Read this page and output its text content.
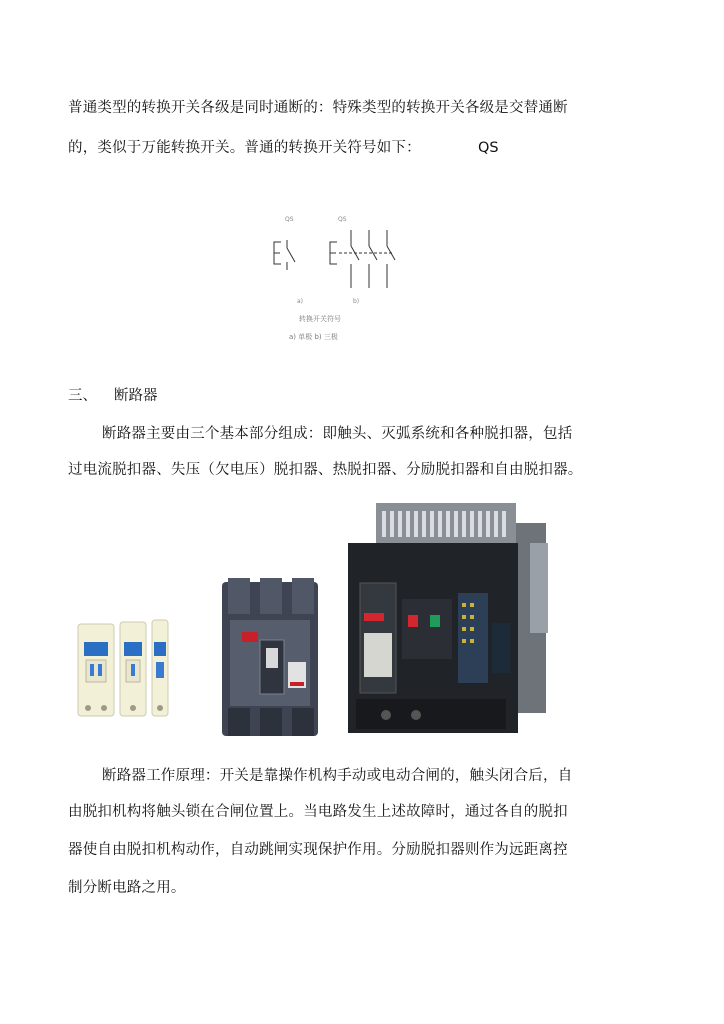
普通类型的转换开关各级是同时通断的：特殊类型的转换开关各级是交替通断
的，类似于万能转换开关。普通的转换开关符号如下：	QS
QS	QS
a)	b)
转换开关符号
a) 单极 b) 三极
三、 断路器
断路器主要由三个基本部分组成：即触头、灭弧系统和各种脱扣器，包括
过电流脱扣器、失压（欠电压）脱扣器、热脱扣器、分励脱扣器和自由脱扣器。
断路器工作原理：开关是靠操作机构手动或电动合闸的，触头闭合后，自
由脱扣机构将触头锁在合闸位置上。当电路发生上述故障时，通过各自的脱扣
器使自由脱扣机构动作，自动跳闸实现保护作用。分励脱扣器则作为远距离控
制分断电路之用。
